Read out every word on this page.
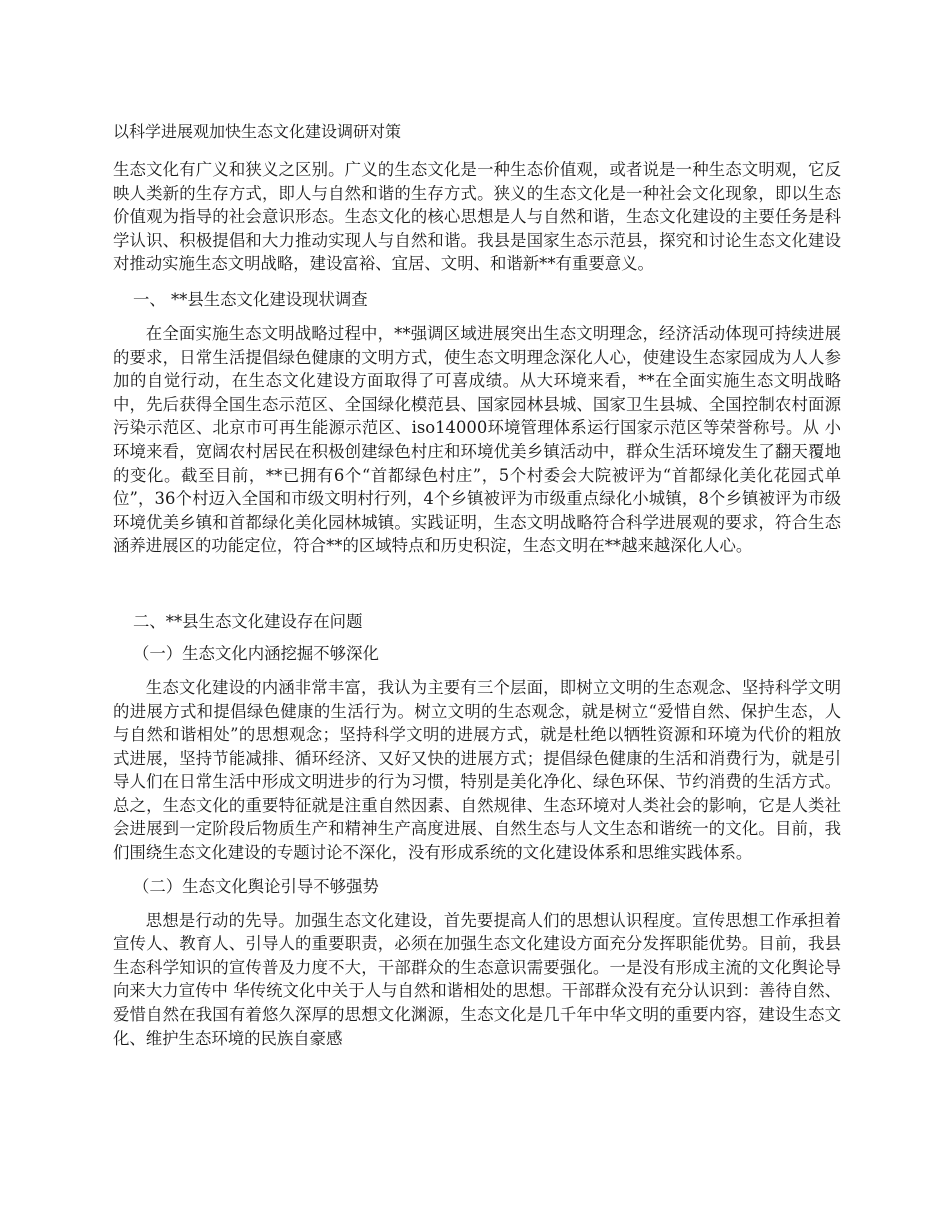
以科学进展观加快生态文化建设调研对策

生态文化有广义和狭义之区别。广义的生态文化是一种生态价值观，或者说是一种生态文明观，它反映人类新的生存方式，即人与自然和谐的生存方式。狭义的生态文化是一种社会文化现象，即以生态价值观为指导的社会意识形态。生态文化的核心思想是人与自然和谐，生态文化建设的主要任务是科学认识、积极提倡和大力推动实现人与自然和谐。我县是国家生态示范县，探究和讨论生态文化建设对推动实施生态文明战略，建设富裕、宜居、文明、和谐新**有重要意义。

一、 **县生态文化建设现状调查

在全面实施生态文明战略过程中，**强调区域进展突出生态文明理念，经济活动体现可持续进展的要求，日常生活提倡绿色健康的文明方式，使生态文明理念深化人心，使建设生态家园成为人人参加的自觉行动，在生态文化建设方面取得了可喜成绩。从大环境来看，**在全面实施生态文明战略中，先后获得全国生态示范区、全国绿化模范县、国家园林县城、国家卫生县城、全国控制农村面源污染示范区、北京市可再生能源示范区、iso14000环境管理体系运行国家示范区等荣誉称号。从 小环境来看，宽阔农村居民在积极创建绿色村庄和环境优美乡镇活动中，群众生活环境发生了翻天覆地的变化。截至目前，**已拥有6个“首都绿色村庄”，5个村委会大院被评为“首都绿化美化花园式单位”，36个村迈入全国和市级文明村行列，4个乡镇被评为市级重点绿化小城镇，8个乡镇被评为市级环境优美乡镇和首都绿化美化园林城镇。实践证明，生态文明战略符合科学进展观的要求，符合生态涵养进展区的功能定位，符合**的区域特点和历史积淀，生态文明在**越来越深化人心。

二、**县生态文化建设存在问题

（一）生态文化内涵挖掘不够深化

生态文化建设的内涵非常丰富，我认为主要有三个层面，即树立文明的生态观念、坚持科学文明的进展方式和提倡绿色健康的生活行为。树立文明的生态观念，就是树立“爱惜自然、保护生态，人与自然和谐相处”的思想观念；坚持科学文明的进展方式，就是杜绝以牺牲资源和环境为代价的粗放式进展，坚持节能减排、循环经济、又好又快的进展方式；提倡绿色健康的生活和消费行为，就是引导人们在日常生活中形成文明进步的行为习惯，特别是美化净化、绿色环保、节约消费的生活方式。总之，生态文化的重要特征就是注重自然因素、自然规律、生态环境对人类社会的影响，它是人类社会进展到一定阶段后物质生产和精神生产高度进展、自然生态与人文生态和谐统一的文化。目前，我们围绕生态文化建设的专题讨论不深化，没有形成系统的文化建设体系和思维实践体系。

（二）生态文化舆论引导不够强势

思想是行动的先导。加强生态文化建设，首先要提高人们的思想认识程度。宣传思想工作承担着宣传人、教育人、引导人的重要职责，必须在加强生态文化建设方面充分发挥职能优势。目前，我县生态科学知识的宣传普及力度不大，干部群众的生态意识需要强化。一是没有形成主流的文化舆论导向来大力宣传中 华传统文化中关于人与自然和谐相处的思想。干部群众没有充分认识到：善待自然、爱惜自然在我国有着悠久深厚的思想文化渊源，生态文化是几千年中华文明的重要内容，建设生态文化、维护生态环境的民族自豪感
